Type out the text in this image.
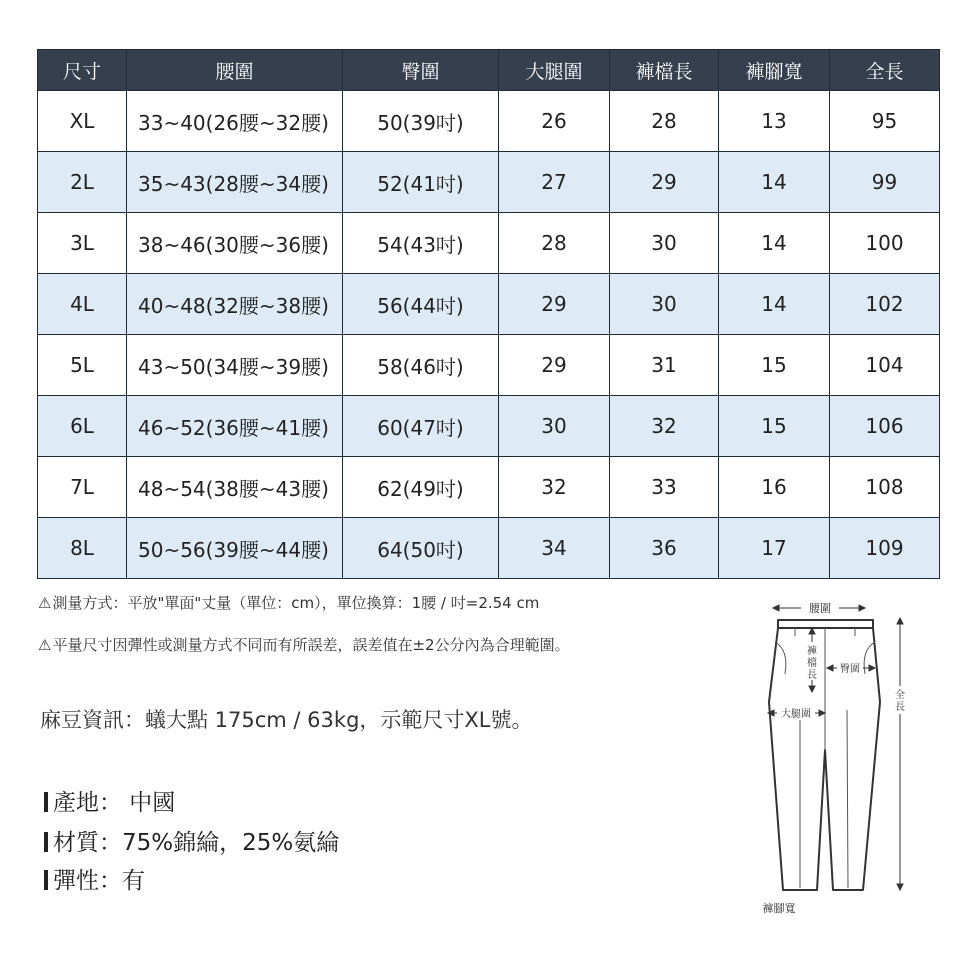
尺寸	腰圍	臀圍	大腿圍	褲檔長	褲腳寬	全長
XL	33~40(26腰~32腰)	50(39吋)	26	28	13	95
2L	35~43(28腰~34腰)	52(41吋)	27	29	14	99
3L	38~46(30腰~36腰)	54(43吋)	28	30	14	100
4L	40~48(32腰~38腰)	56(44吋)	29	30	14	102
5L	43~50(34腰~39腰)	58(46吋)	29	31	15	104
6L	46~52(36腰~41腰)	60(47吋)	30	32	15	106
7L	48~54(38腰~43腰)	62(49吋)	32	33	16	108
8L	50~56(39腰~44腰)	64(50吋)	34	36	17	109
⚠測量方式：平放"單面"丈量（單位：cm），單位換算：1腰 / 吋=2.54 cm
⚠平量尺寸因彈性或測量方式不同而有所誤差，誤差值在±2公分內為合理範圍。
麻豆資訊：蟻大點 175cm / 63kg，示範尺寸XL號。
產地： 中國
材質：75%錦綸，25%氨綸
彈性：有
腰圍
褲
檔
長
臀圍
大腿圍
全
長
褲腳寬
